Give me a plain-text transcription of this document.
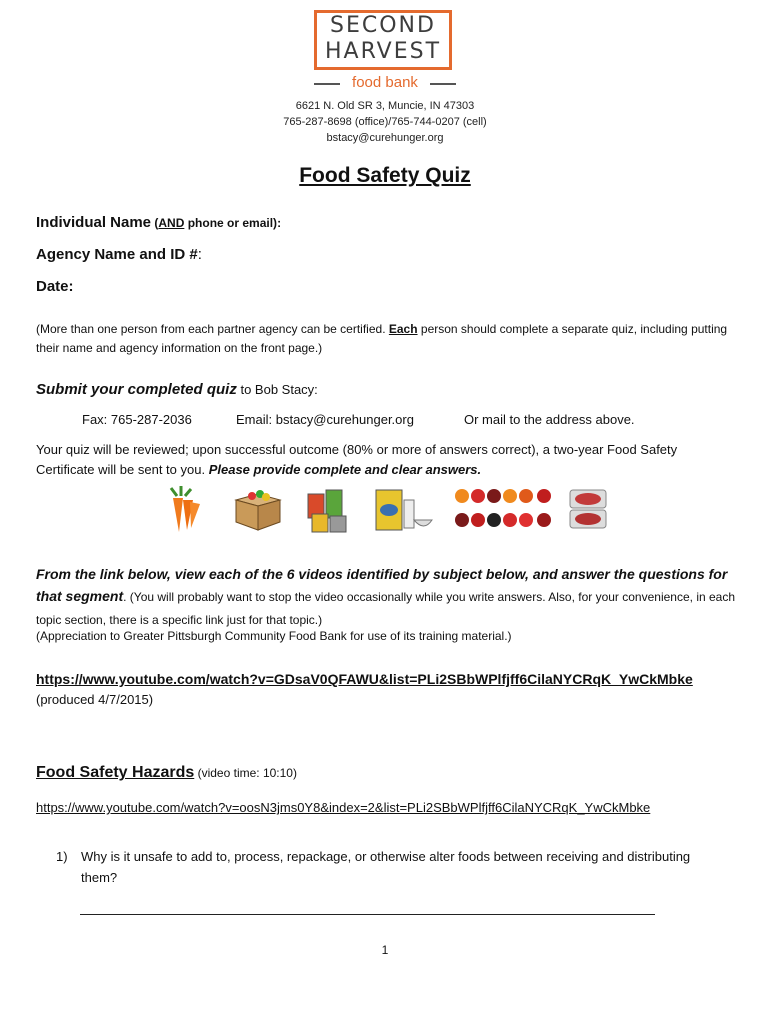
SECOND
HARVEST
food bank
6621 N. Old SR 3, Muncie, IN 47303
765-287-8698 (office)/765-744-0207 (cell)
bstacy@curehunger.org
Food Safety Quiz
Individual Name (AND phone or email):
Agency Name and ID #:
Date:
(More than one person from each partner agency can be certified. Each person should complete a separate quiz, including putting their name and agency information on the front page.)
Submit your completed quiz to Bob Stacy:
Fax: 765-287-2036	Email: bstacy@curehunger.org	Or mail to the address above.
Your quiz will be reviewed; upon successful outcome (80% or more of answers correct), a two-year Food Safety Certificate will be sent to you. Please provide complete and clear answers.
From the link below, view each of the 6 videos identified by subject below, and answer the questions for that segment. (You will probably want to stop the video occasionally while you write answers. Also, for your convenience, in each topic section, there is a specific link just for that topic.)
(Appreciation to Greater Pittsburgh Community Food Bank for use of its training material.)
https://www.youtube.com/watch?v=GDsaV0QFAWU&list=PLi2SBbWPlfjff6CilaNYCRqK_YwCkMbke
(produced 4/7/2015)
Food Safety Hazards (video time: 10:10)
https://www.youtube.com/watch?v=oosN3jms0Y8&index=2&list=PLi2SBbWPlfjff6CilaNYCRqK_YwCkMbke
1) Why is it unsafe to add to, process, repackage, or otherwise alter foods between receiving and distributing them?
1
